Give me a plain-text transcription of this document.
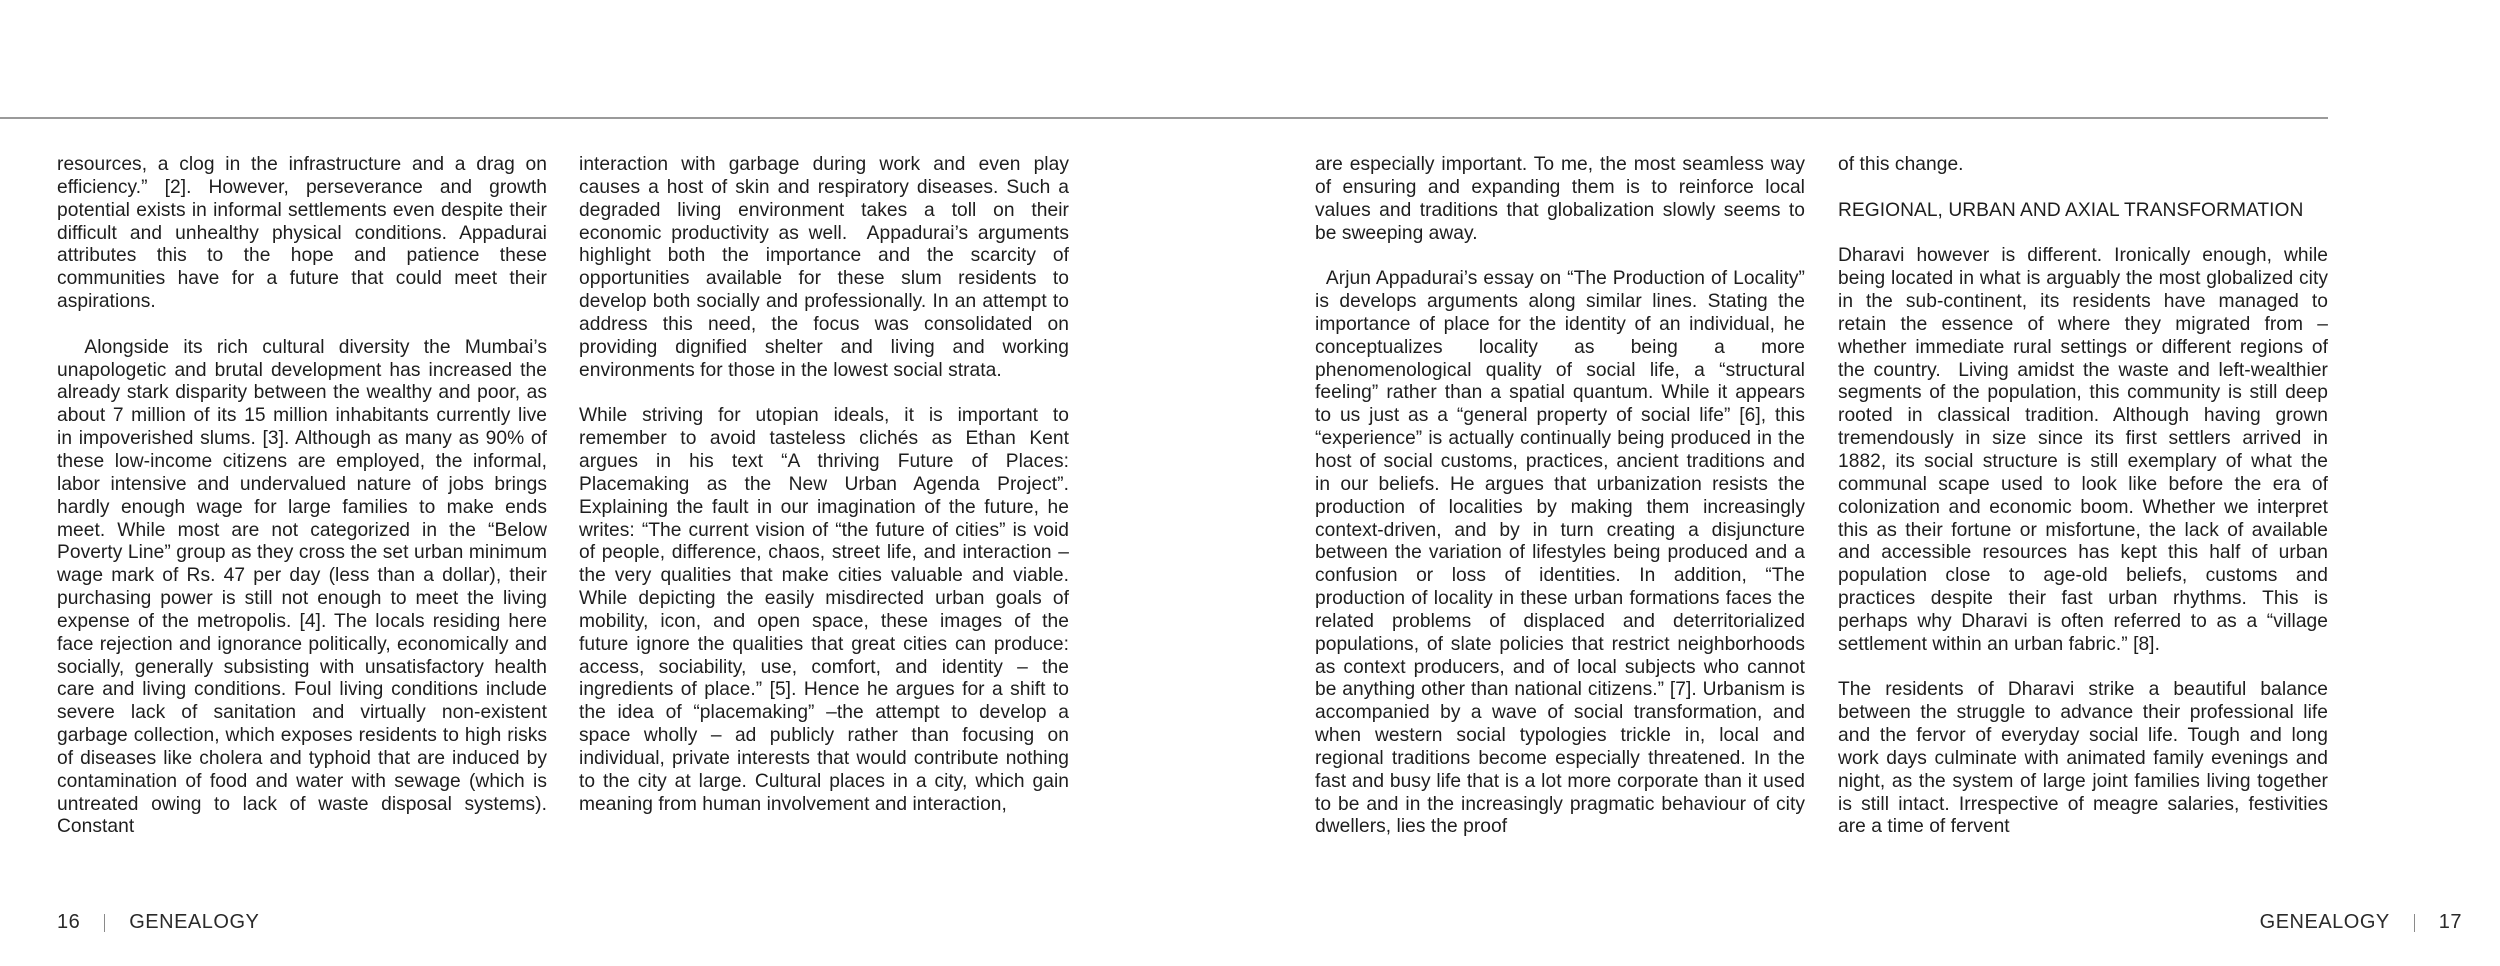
resources, a clog in the infrastructure and a drag on efficiency.” [2]. However, perseverance and growth potential exists in informal settlements even despite their difficult and unhealthy physical conditions. Appadurai attributes this to the hope and patience these communities have for a future that could meet their aspirations.

Alongside its rich cultural diversity the Mumbai’s unapologetic and brutal development has increased the already stark disparity between the wealthy and poor, as about 7 million of its 15 million inhabitants currently live in impoverished slums. [3]. Although as many as 90% of these low-income citizens are employed, the informal, labor intensive and undervalued nature of jobs brings hardly enough wage for large families to make ends meet. While most are not categorized in the “Below Poverty Line” group as they cross the set urban minimum wage mark of Rs. 47 per day (less than a dollar), their purchasing power is still not enough to meet the living expense of the metropolis. [4]. The locals residing here face rejection and ignorance politically, economically and socially, generally subsisting with unsatisfactory health care and living conditions. Foul living conditions include severe lack of sanitation and virtually non-existent garbage collection, which exposes residents to high risks of diseases like cholera and typhoid that are induced by contamination of food and water with sewage (which is untreated owing to lack of waste disposal systems). Constant

interaction with garbage during work and even play causes a host of skin and respiratory diseases. Such a degraded living environment takes a toll on their economic productivity as well.  Appadurai’s arguments highlight both the importance and the scarcity of opportunities available for these slum residents to develop both socially and professionally. In an attempt to address this need, the focus was consolidated on providing dignified shelter and living and working environments for those in the lowest social strata.

While striving for utopian ideals, it is important to remember to avoid tasteless clichés as Ethan Kent argues in his text “A thriving Future of Places: Placemaking as the New Urban Agenda Project”. Explaining the fault in our imagination of the future, he writes: “The current vision of “the future of cities” is void of people, difference, chaos, street life, and interaction – the very qualities that make cities valuable and viable. While depicting the easily misdirected urban goals of mobility, icon, and open space, these images of the future ignore the qualities that great cities can produce: access, sociability, use, comfort, and identity – the ingredients of place.” [5]. Hence he argues for a shift to the idea of “placemaking” –the attempt to develop a space wholly – ad publicly rather than focusing on individual, private interests that would contribute nothing to the city at large. Cultural places in a city, which gain meaning from human involvement and interaction,

are especially important. To me, the most seamless way of ensuring and expanding them is to reinforce local values and traditions that globalization slowly seems to be sweeping away.

Arjun Appadurai’s essay on “The Production of Locality” is develops arguments along similar lines. Stating the importance of place for the identity of an individual, he conceptualizes locality as being a more phenomenological quality of social life, a “structural feeling” rather than a spatial quantum. While it appears to us just as a “general property of social life” [6], this “experience” is actually continually being produced in the host of social customs, practices, ancient traditions and in our beliefs. He argues that urbanization resists the production of localities by making them increasingly context-driven, and by in turn creating a disjuncture between the variation of lifestyles being produced and a confusion or loss of identities. In addition, “The production of locality in these urban formations faces the related problems of displaced and deterritorialized populations, of slate policies that restrict neighborhoods as context producers, and of local subjects who cannot be anything other than national citizens.” [7]. Urbanism is accompanied by a wave of social transformation, and when western social typologies trickle in, local and regional traditions become especially threatened. In the fast and busy life that is a lot more corporate than it used to be and in the increasingly pragmatic behaviour of city dwellers, lies the proof

of this change.

REGIONAL, URBAN AND AXIAL TRANSFORMATION

Dharavi however is different. Ironically enough, while being located in what is arguably the most globalized city in the sub-continent, its residents have managed to retain the essence of where they migrated from – whether immediate rural settings or different regions of the country.  Living amidst the waste and left-wealthier segments of the population, this community is still deep rooted in classical tradition. Although having grown tremendously in size since its first settlers arrived in 1882, its social structure is still exemplary of what the communal scape used to look like before the era of colonization and economic boom. Whether we interpret this as their fortune or misfortune, the lack of available and accessible resources has kept this half of urban population close to age-old beliefs, customs and practices despite their fast urban rhythms. This is perhaps why Dharavi is often referred to as a “village settlement within an urban fabric.” [8].

The residents of Dharavi strike a beautiful balance between the struggle to advance their professional life and the fervor of everyday social life. Tough and long work days culminate with animated family evenings and night, as the system of large joint families living together is still intact. Irrespective of meagre salaries, festivities are a time of fervent

16 GENEALOGY	GENEALOGY 17
